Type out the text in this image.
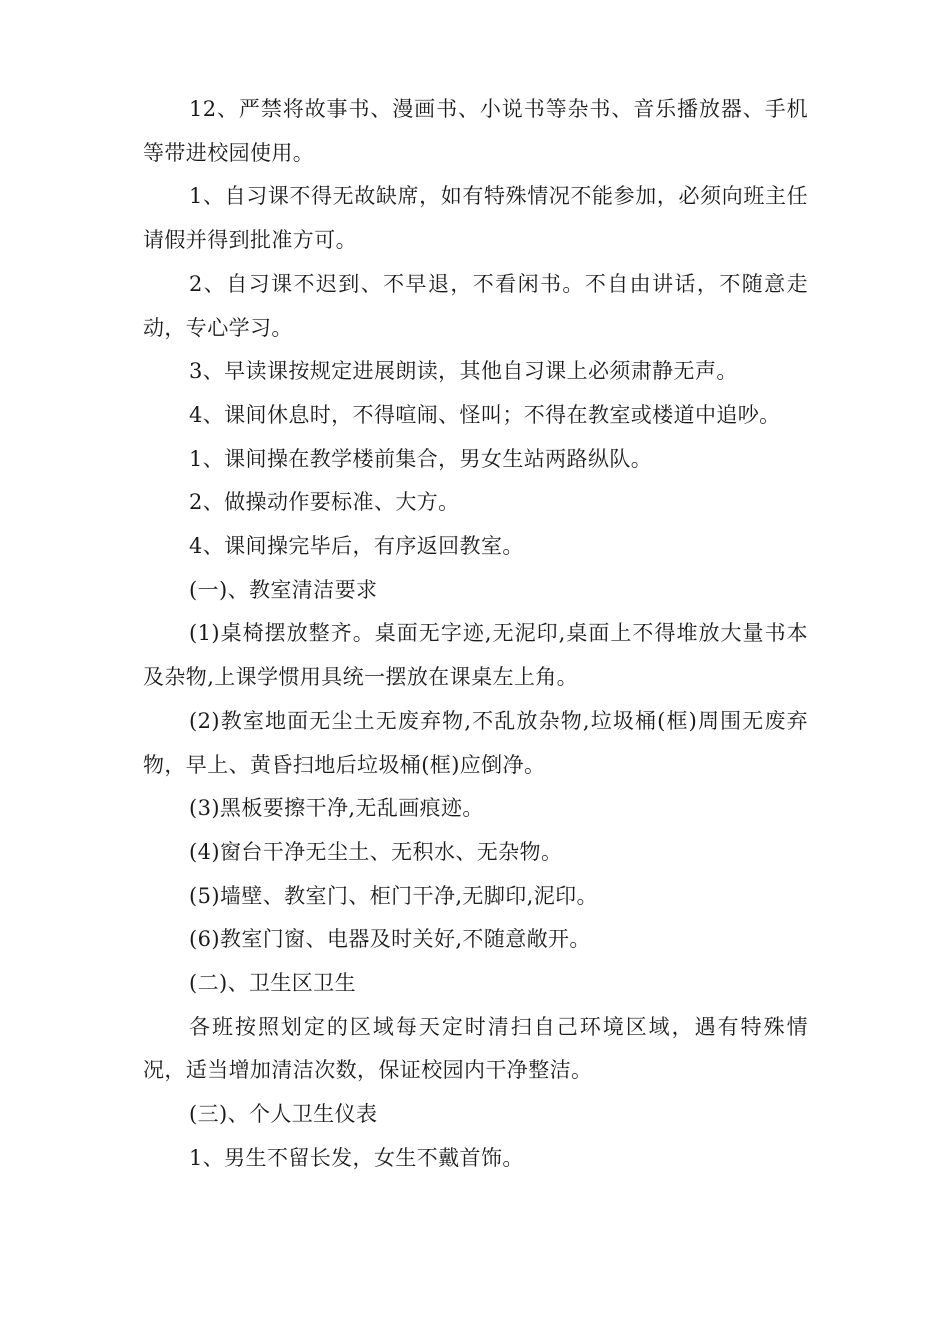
12、严禁将故事书、漫画书、小说书等杂书、音乐播放器、手机等带进校园使用。

1、自习课不得无故缺席，如有特殊情况不能参加，必须向班主任请假并得到批准方可。

2、自习课不迟到、不早退，不看闲书。不自由讲话，不随意走动，专心学习。

3、早读课按规定进展朗读，其他自习课上必须肃静无声。

4、课间休息时，不得喧闹、怪叫；不得在教室或楼道中追吵。

1、课间操在教学楼前集合，男女生站两路纵队。

2、做操动作要标准、大方。

4、课间操完毕后，有序返回教室。

(一)、教室清洁要求

(1)桌椅摆放整齐。桌面无字迹,无泥印,桌面上不得堆放大量书本及杂物,上课学惯用具统一摆放在课桌左上角。

(2)教室地面无尘土无废弃物,不乱放杂物,垃圾桶(框)周围无废弃物，早上、黄昏扫地后垃圾桶(框)应倒净。

(3)黑板要擦干净,无乱画痕迹。

(4)窗台干净无尘土、无积水、无杂物。

(5)墙壁、教室门、柜门干净,无脚印,泥印。

(6)教室门窗、电器及时关好,不随意敞开。

(二)、卫生区卫生

各班按照划定的区域每天定时清扫自己环境区域，遇有特殊情况，适当增加清洁次数，保证校园内干净整洁。

(三)、个人卫生仪表

1、男生不留长发，女生不戴首饰。
